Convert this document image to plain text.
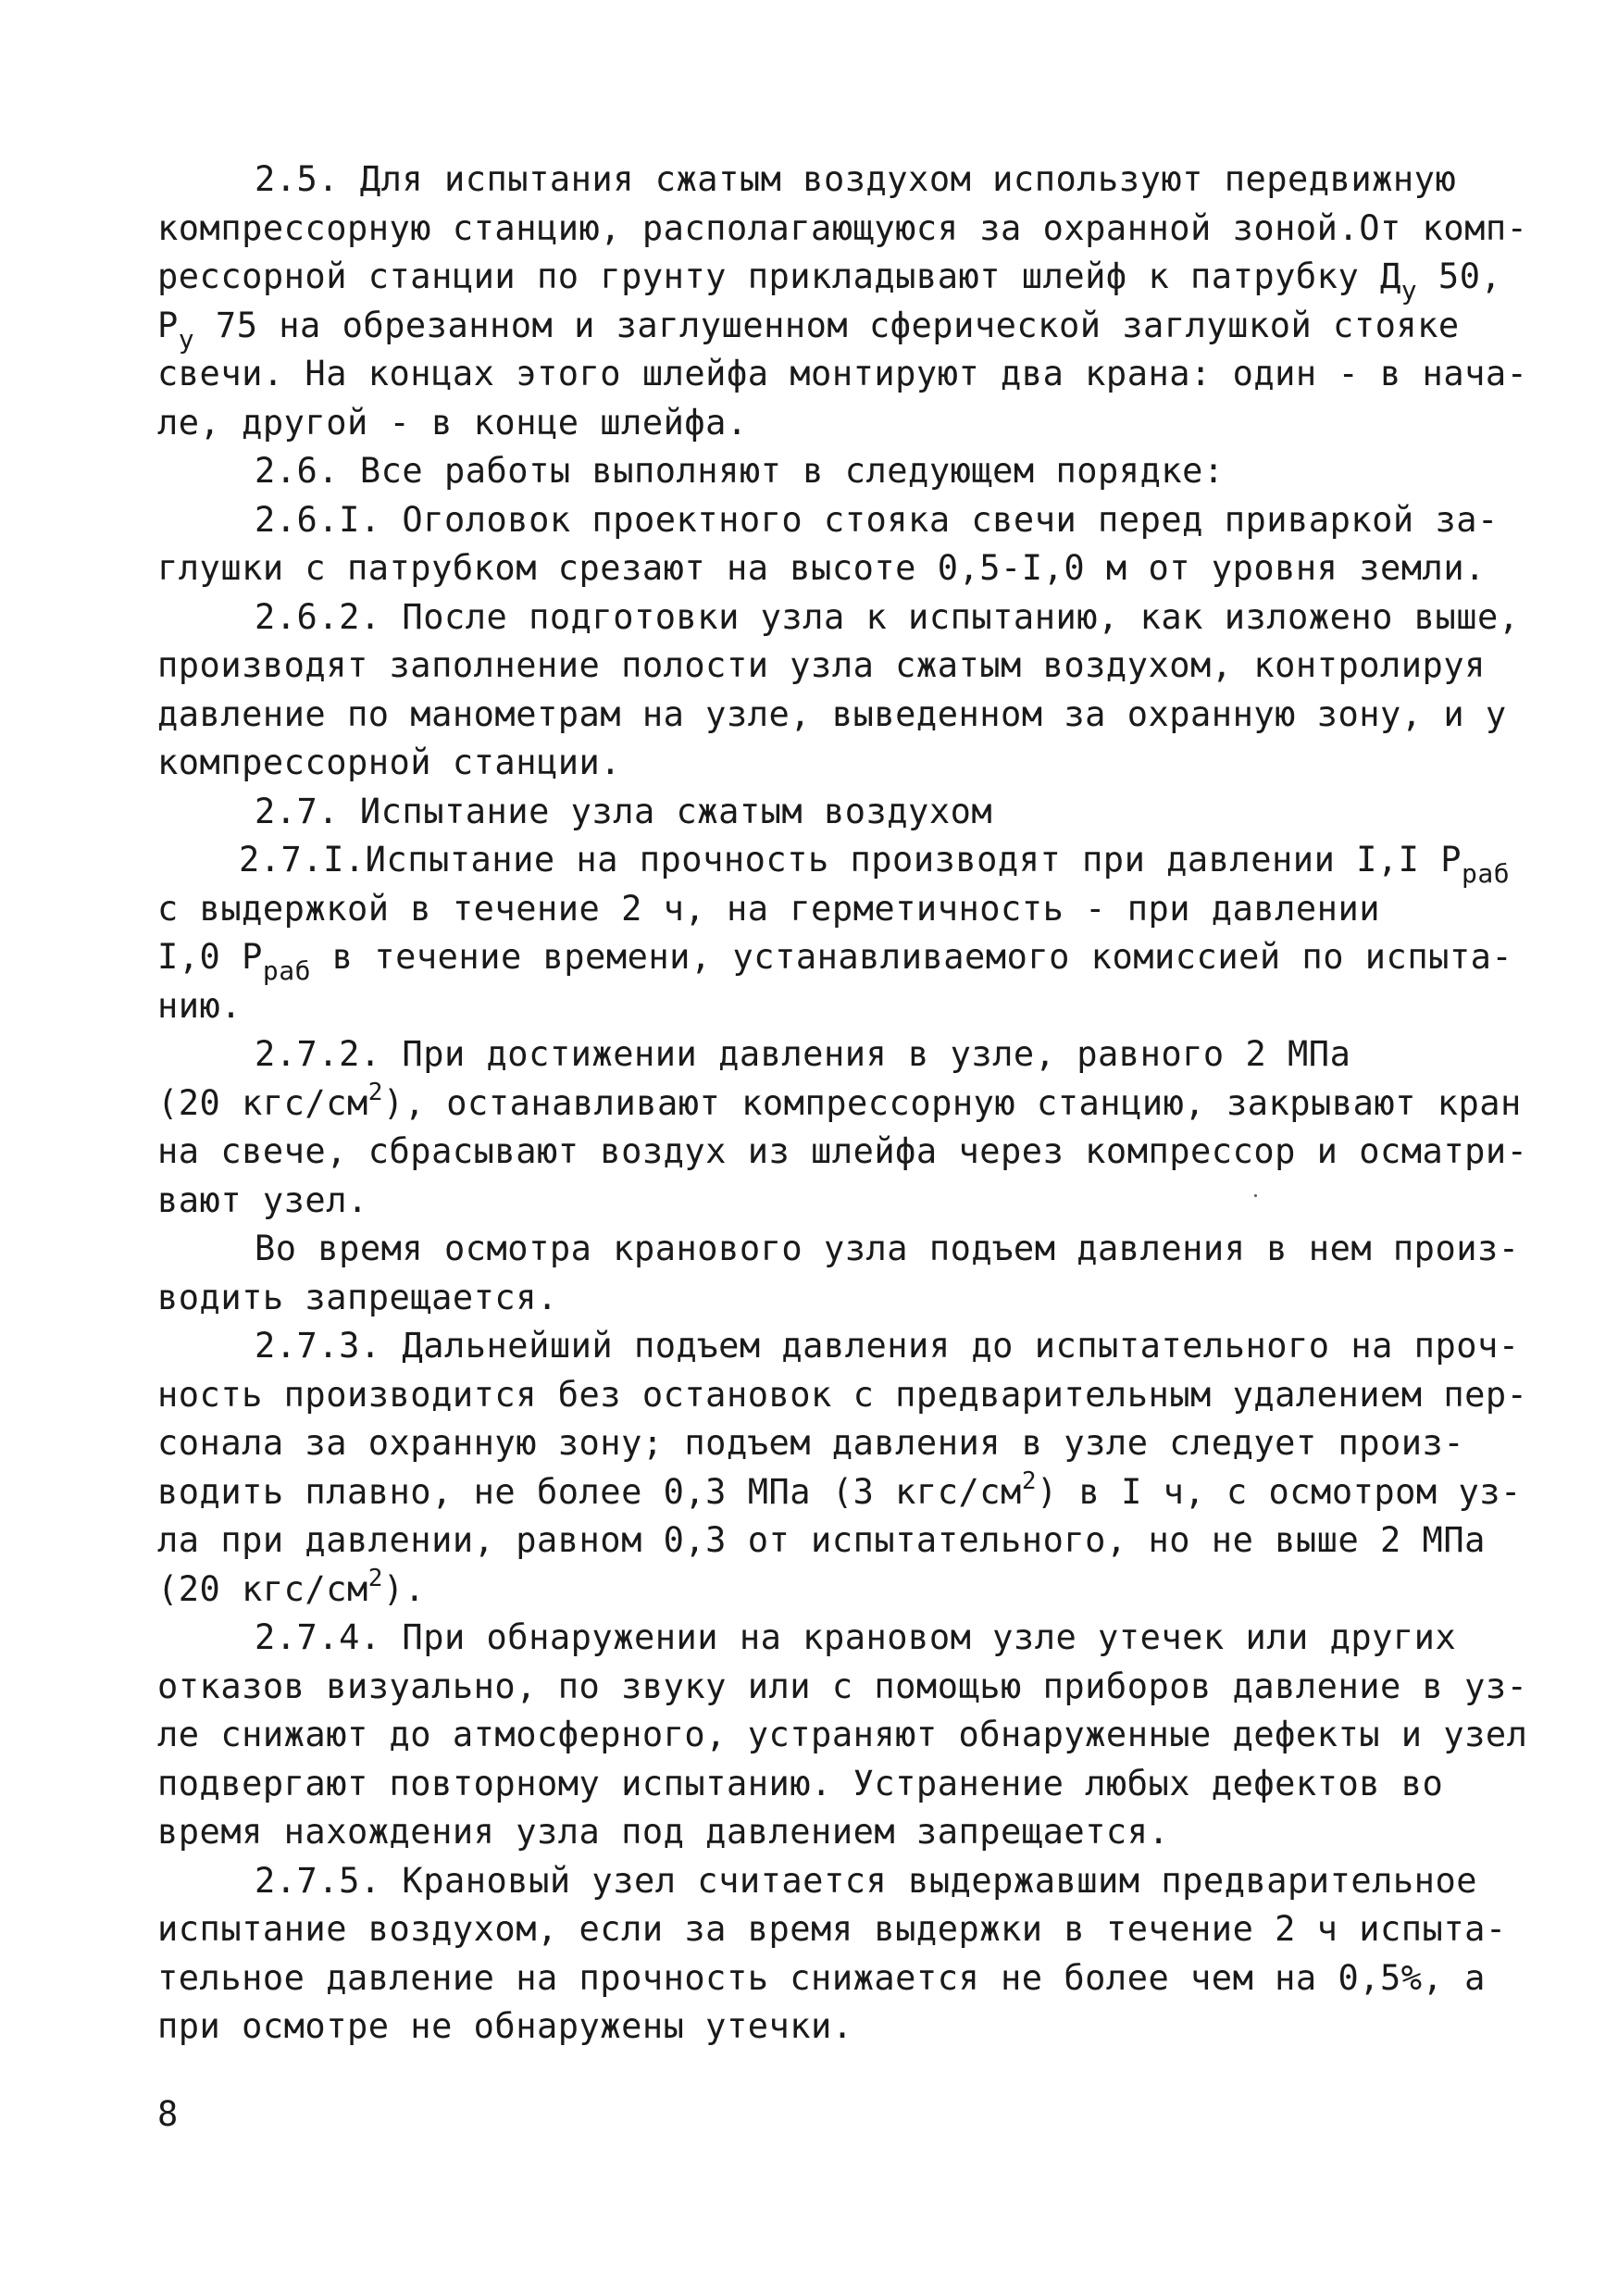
2.5. Для испытания сжатым воздухом используют передвижную
компрессорную станцию, располагающуюся за охранной зоной.От комп-
рессорной станции по грунту прикладывают шлейф к патрубку $Д_у$ 50,
$Р_у$ 75 на обрезанном и заглушенном сферической заглушкой стояке
свечи. На концах этого шлейфа монтируют два крана: один - в нача-
ле, другой - в конце шлейфа.
2.6. Все работы выполняют в следующем порядке:
2.6.I. Оголовок проектного стояка свечи перед приваркой за-
глушки с патрубком срезают на высоте 0,5-I,0 м от уровня земли.
2.6.2. После подготовки узла к испытанию, как изложено выше,
производят заполнение полости узла сжатым воздухом, контролируя
давление по манометрам на узле, выведенном за охранную зону, и у
компрессорной станции.
2.7. Испытание узла сжатым воздухом
2.7.I.Испытание на прочность производят при давлении I,I $Р_{раб}$
с выдержкой в течение 2 ч, на герметичность - при давлении
I,0 $Р_{раб}$ в течение времени, устанавливаемого комиссией по испыта-
нию.
2.7.2. При достижении давления в узле, равного 2 МПа
(20 кгс/$см^2$), останавливают компрессорную станцию, закрывают кран
на свече, сбрасывают воздух из шлейфа через компрессор и осматри-
вают узел.
Во время осмотра кранового узла подъем давления в нем произ-
водить запрещается.
2.7.3. Дальнейший подъем давления до испытательного на проч-
ность производится без остановок с предварительным удалением пер-
сонала за охранную зону; подъем давления в узле следует произ-
водить плавно, не более 0,3 МПа (3 кгс/$см^2$) в I ч, с осмотром уз-
ла при давлении, равном 0,3 от испытательного, но не выше 2 МПа
(20 кгс/$см^2$).
2.7.4. При обнаружении на крановом узле утечек или других
отказов визуально, по звуку или с помощью приборов давление в уз-
ле снижают до атмосферного, устраняют обнаруженные дефекты и узел
подвергают повторному испытанию. Устранение любых дефектов во
время нахождения узла под давлением запрещается.
2.7.5. Крановый узел считается выдержавшим предварительное
испытание воздухом, если за время выдержки в течение 2 ч испыта-
тельное давление на прочность снижается не более чем на 0,5%, а
при осмотре не обнаружены утечки.
8
